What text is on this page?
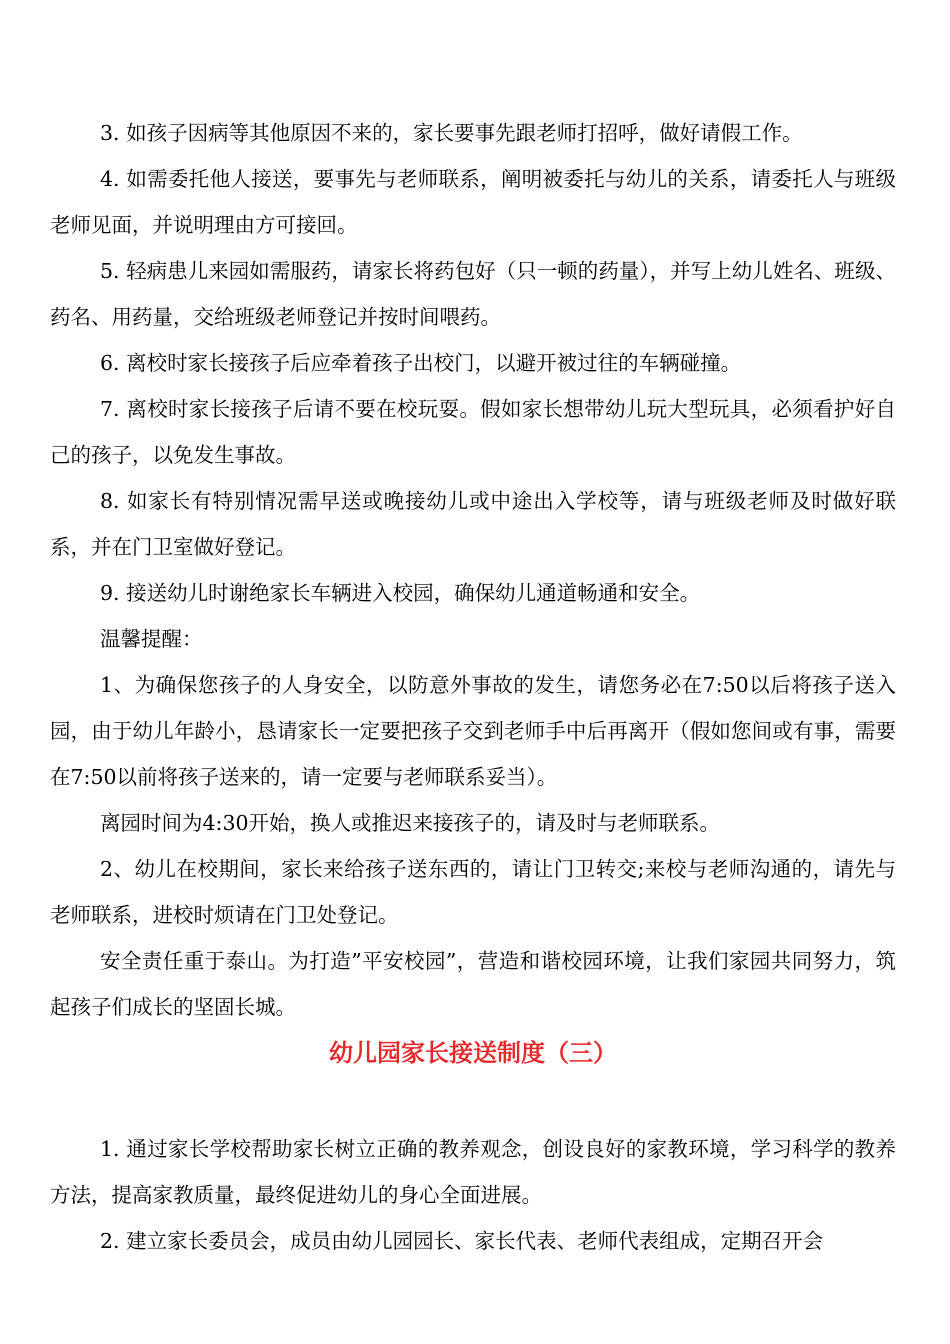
3. 如孩子因病等其他原因不来的，家长要事先跟老师打招呼，做好请假工作。

4. 如需委托他人接送，要事先与老师联系，阐明被委托与幼儿的关系，请委托人与班级老师见面，并说明理由方可接回。

5. 轻病患儿来园如需服药，请家长将药包好（只一顿的药量），并写上幼儿姓名、班级、药名、用药量，交给班级老师登记并按时间喂药。

6. 离校时家长接孩子后应牵着孩子出校门，以避开被过往的车辆碰撞。

7. 离校时家长接孩子后请不要在校玩耍。假如家长想带幼儿玩大型玩具，必须看护好自己的孩子，以免发生事故。

8. 如家长有特别情况需早送或晚接幼儿或中途出入学校等，请与班级老师及时做好联系，并在门卫室做好登记。

9. 接送幼儿时谢绝家长车辆进入校园，确保幼儿通道畅通和安全。

温馨提醒：

1、为确保您孩子的人身安全，以防意外事故的发生，请您务必在7:50以后将孩子送入园，由于幼儿年龄小，恳请家长一定要把孩子交到老师手中后再离开（假如您间或有事，需要在7:50以前将孩子送来的，请一定要与老师联系妥当）。

离园时间为4:30开始，换人或推迟来接孩子的，请及时与老师联系。

2、幼儿在校期间，家长来给孩子送东西的，请让门卫转交;来校与老师沟通的，请先与老师联系，进校时烦请在门卫处登记。

安全责任重于泰山。为打造”平安校园”，营造和谐校园环境，让我们家园共同努力，筑起孩子们成长的坚固长城。

幼儿园家长接送制度（三）

1. 通过家长学校帮助家长树立正确的教养观念，创设良好的家教环境，学习科学的教养方法，提高家教质量，最终促进幼儿的身心全面进展。

2. 建立家长委员会，成员由幼儿园园长、家长代表、老师代表组成，定期召开会
